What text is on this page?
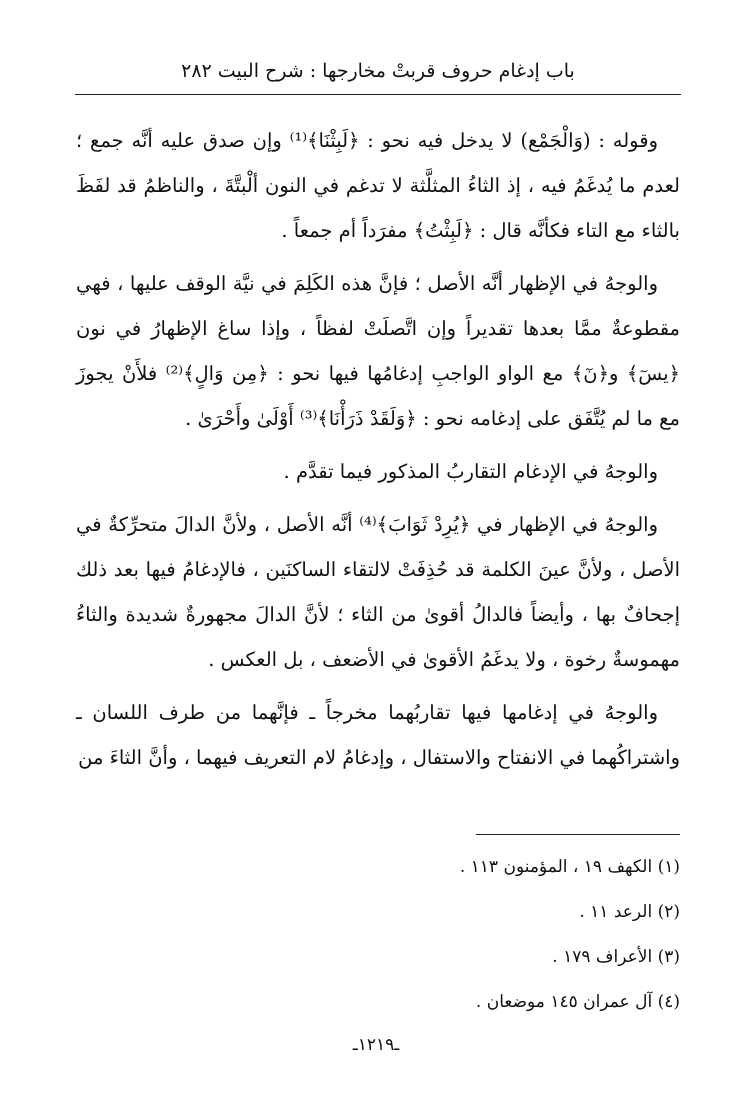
باب إدغام حروف قربتْ مخارجها : شرح البيت ٢٨٢

وقوله : (وَالْجَمْع) لا يدخل فيه نحو : ﴿لَبِثْنَا﴾⁽¹⁾ وإن صدق عليه أنَّه جمع ؛ لعدم ما يُدغَمُ فيه ، إذ الثاءُ المثلَّثة لا تدغم في النون ألْبتَّةَ ، والناظمُ قد لفَظَ بالثاء مع التاء فكأنَّه قال : ﴿لَبِثْتُ﴾ مفرَداً أم جمعاً .

والوجهُ في الإظهار أنَّه الأصل ؛ فإنَّ هذه الكَلِمَ في نيَّة الوقف عليها ، فهي مقطوعةٌ ممَّا بعدها تقديراً وإن اتَّصلَتْ لفظاً ، وإذا ساغ الإظهارُ في نون ﴿يسٓ﴾ و﴿نٓ﴾ مع الواو الواجبِ إدغامُها فيها نحو : ﴿مِن وَالٍ﴾⁽²⁾ فلأَنْ يجوزَ مع ما لم يُتَّفَق على إدغامه نحو : ﴿وَلَقَدْ ذَرَأْنَا﴾⁽³⁾ أَوْلَىٰ وأَحْرَىٰ .

والوجهُ في الإدغام التقاربُ المذكور فيما تقدَّم .

والوجهُ في الإظهار في ﴿يُرِدْ ثَوَابَ﴾⁽⁴⁾ أنَّه الأصل ، ولأنَّ الدالَ متحرِّكةٌ في الأصل ، ولأنَّ عينَ الكلمة قد حُذِفَتْ لالتقاء الساكنَين ، فالإدغامُ فيها بعد ذلك إجحافٌ بها ، وأيضاً فالدالُ أقوىٰ من الثاء ؛ لأنَّ الدالَ مجهورةٌ شديدة والثاءُ مهموسةٌ رخوة ، ولا يدغَمُ الأقوىٰ في الأضعف ، بل العكس .

والوجهُ في إدغامها فيها تقاربُهما مخرجاً ـ فإنَّهما من طرف اللسان ـ واشتراكُهما في الانفتاح والاستفال ، وإدغامُ لام التعريف فيهما ، وأنَّ الثاءَ من

(١) الكهف ١٩ ، المؤمنون ١١٣ .
(٢) الرعد ١١ .
(٣) الأعراف ١٧٩ .
(٤) آل عمران ١٤٥ موضعان .
ـ١٢١٩ـ
